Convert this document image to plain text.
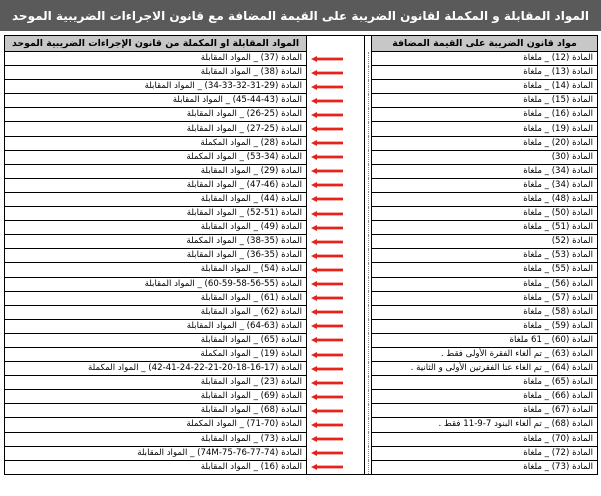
المواد المقابلة و المكملة لقانون الضريبة على القيمة المضافة مع قانون الاجراءات الضريبية الموحد
المواد المقابلة او المكملة من قانون الإجراءات الضريبية الموحد			مواد قانون الضريبة على القيمة المضافة
المادة (37) _ المواد المقابلة			المادة (12) _ ملغاة
المادة (38) _ المواد المقابلة			المادة (13) _ ملغاة
المادة (29-31-32-33-34) _ المواد المقابلة			المادة (14) _ ملغاة
المادة (43-44-45) _ المواد المقابلة			المادة (15) _ ملغاة
المادة (25-26) _ المواد المقابلة			المادة (16) _ ملغاة
المادة (25-27) _ المواد المقابلة			المادة (19) _ ملغاة
المادة (28) _ المواد المكملة			المادة (20) _ ملغاة
المادة (34-53) _ المواد المكملة			المادة (30)
المادة (29) _ المواد المقابلة			المادة (34) _ ملغاة
المادة (46-47) _ المواد المقابلة			المادة (34) _ ملغاة
المادة (44) _ المواد المقابلة			المادة (48) _ ملغاة
المادة (51-52) _ المواد المقابلة			المادة (50) _ ملغاة
المادة (49) _ المواد المقابلة			المادة (51) _ ملغاة
المادة (35-38) _ المواد المكملة			المادة (52)
المادة (35-36) _ المواد المقابلة			المادة (53) _ ملغاة
المادة (54) _ المواد المقابلة			المادة (55) _ ملغاة
المادة (55-56-58-59-60) _ المواد المقابلة			المادة (56) _ ملغاة
المادة (61) _ المواد المقابلة			المادة (57) _ ملغاة
المادة (62) _ المواد المقابلة			المادة (58) _ ملغاة
المادة (63-64) _ المواد المقابلة			المادة (59) _ ملغاة
المادة (65) _ المواد المقابلة			المادة (60) _ 61 ملغاة
المادة (19) _ المواد المكملة			المادة (63) _ تم ألغاء الفقرة الأولى فقط .
المادة (17-16-18-20-21-22-24-41-42) _ المواد المكملة			المادة (64) _ تم الغاء عنا الفقرتين الأولى و الثانية .
المادة (23) _ المواد المقابلة			المادة (65) _ ملغاة
المادة (69) _ المواد المقابلة			المادة (66) _ ملغاة
المادة (68) _ المواد المقابلة			المادة (67) _ ملغاة
المادة (70-71) _ المواد المكملة			المادة (68) _ تم ألغاء البنود 7-9-11 فقط .
المادة (73) _ المواد المقابلة			المادة (70) _ ملغاة
المادة (74M-75-76-77-74) _ المواد المقابلة			المادة (72) _ ملغاة
المادة (16) _ المواد المقابلة			المادة (73) _ ملغاة
